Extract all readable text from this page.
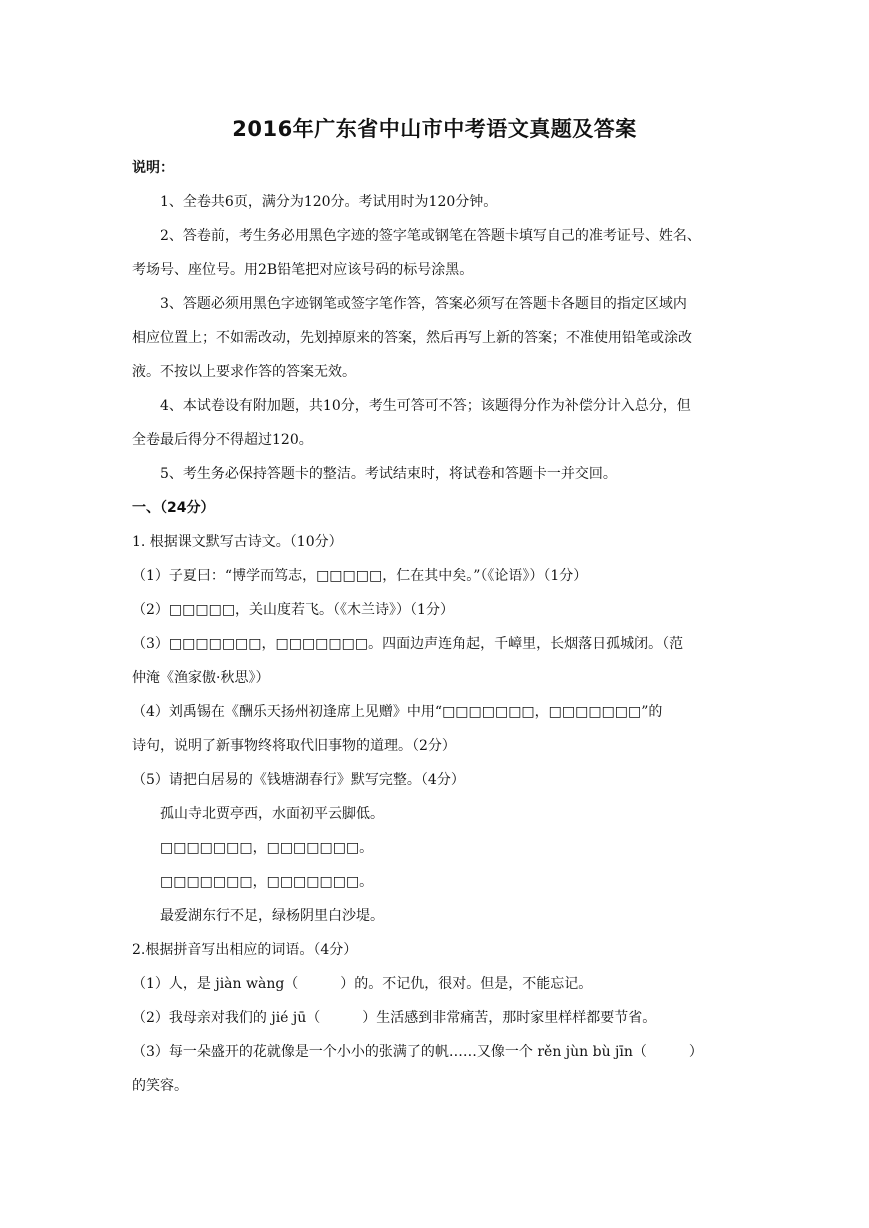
2016年广东省中山市中考语文真题及答案
说明：
1、全卷共6页，满分为120分。考试用时为120分钟。
2、答卷前，考生务必用黑色字迹的签字笔或钢笔在答题卡填写自己的准考证号、姓名、
考场号、座位号。用2B铅笔把对应该号码的标号涂黑。
3、答题必须用黑色字迹钢笔或签字笔作答，答案必须写在答题卡各题目的指定区域内
相应位置上；不如需改动，先划掉原来的答案，然后再写上新的答案；不准使用铅笔或涂改
液。不按以上要求作答的答案无效。
4、本试卷设有附加题，共10分，考生可答可不答；该题得分作为补偿分计入总分，但
全卷最后得分不得超过120。
5、考生务必保持答题卡的整洁。考试结束时，将试卷和答题卡一并交回。
一、（24分）
1. 根据课文默写古诗文。（10分）
（1）子夏曰：“博学而笃志，□□□□□，仁在其中矣。”（《论语》）（1分）
（2）□□□□□，关山度若飞。（《木兰诗》）（1分）
（3）□□□□□□□，□□□□□□□。四面边声连角起，千嶂里，长烟落日孤城闭。（范
仲淹《渔家傲·秋思》）
（4）刘禹锡在《酬乐天扬州初逢席上见赠》中用“□□□□□□□，□□□□□□□”的
诗句，说明了新事物终将取代旧事物的道理。（2分）
（5）请把白居易的《钱塘湖春行》默写完整。（4分）
孤山寺北贾亭西，水面初平云脚低。
□□□□□□□，□□□□□□□。
□□□□□□□，□□□□□□□。
最爱湖东行不足，绿杨阴里白沙堤。
2.根据拼音写出相应的词语。（4分）
（1）人，是 jiàn wàng（　　　）的。不记仇，很对。但是，不能忘记。
（2）我母亲对我们的 jié jū（　　　）生活感到非常痛苦，那时家里样样都要节省。
（3）每一朵盛开的花就像是一个小小的张满了的帆……又像一个 rěn jùn bù jīn（　　　）
的笑容。
